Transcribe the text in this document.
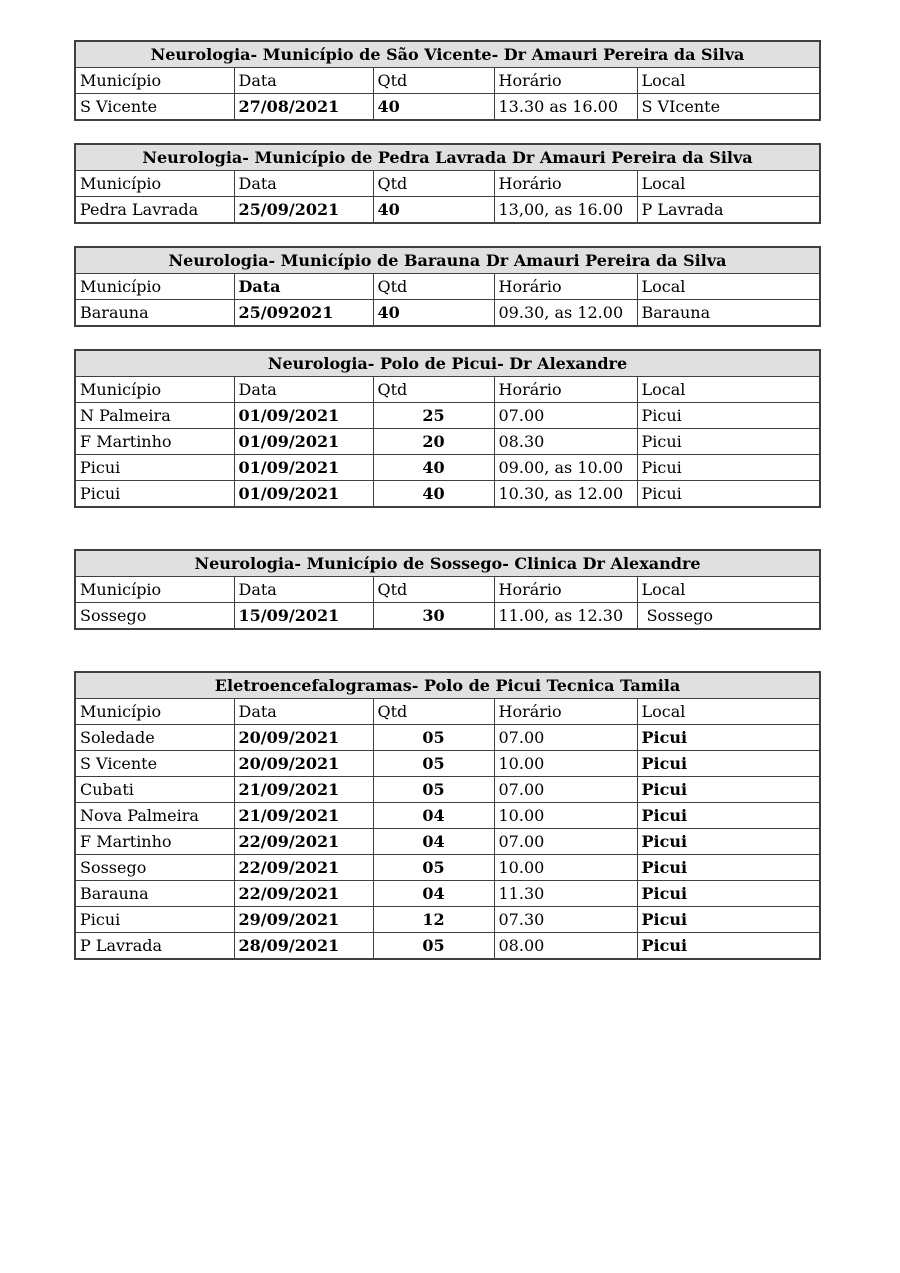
Neurologia- Município de São Vicente- Dr Amauri Pereira da Silva				
Município	Data	Qtd	Horário	Local
S Vicente	27/08/2021	40	13.30 as 16.00	S VIcente
Neurologia- Município de Pedra Lavrada Dr Amauri Pereira da Silva				
Município	Data	Qtd	Horário	Local
Pedra Lavrada	25/09/2021	40	13,00, as 16.00	P Lavrada
Neurologia- Município de Barauna Dr Amauri Pereira da Silva				
Município	Data	Qtd	Horário	Local
Barauna	25/092021	40	09.30, as 12.00	Barauna
Neurologia- Polo de Picui- Dr Alexandre				
Município	Data	Qtd	Horário	Local
N Palmeira	01/09/2021	25	07.00	Picui
F Martinho	01/09/2021	20	08.30	Picui
Picui	01/09/2021	40	09.00, as 10.00	Picui
Picui	01/09/2021	40	10.30, as 12.00	Picui
Neurologia- Município de Sossego- Clinica Dr Alexandre				
Município	Data	Qtd	Horário	Local
Sossego	15/09/2021	30	11.00, as 12.30	Sossego
Eletroencefalogramas- Polo de Picui Tecnica Tamila				
Município	Data	Qtd	Horário	Local
Soledade	20/09/2021	05	07.00	Picui
S Vicente	20/09/2021	05	10.00	Picui
Cubati	21/09/2021	05	07.00	Picui
Nova Palmeira	21/09/2021	04	10.00	Picui
F Martinho	22/09/2021	04	07.00	Picui
Sossego	22/09/2021	05	10.00	Picui
Barauna	22/09/2021	04	11.30	Picui
Picui	29/09/2021	12	07.30	Picui
P Lavrada	28/09/2021	05	08.00	Picui
